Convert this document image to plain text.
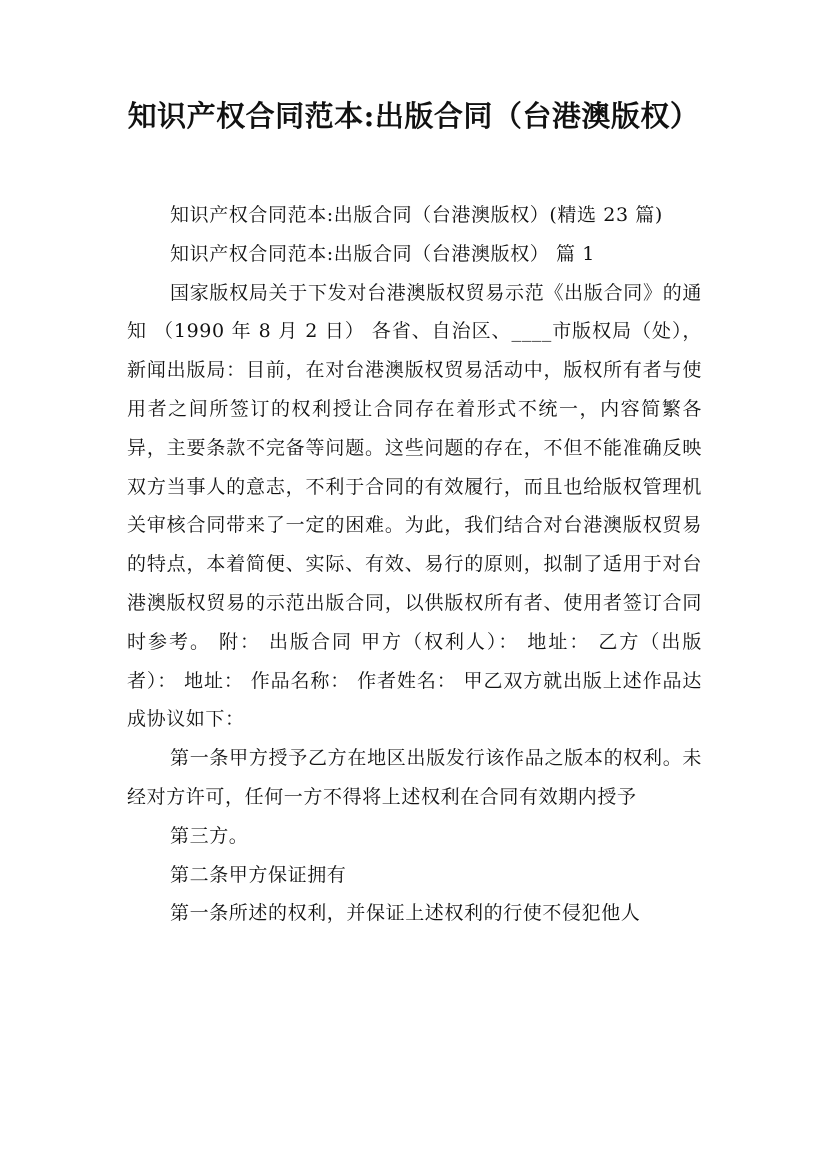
知识产权合同范本:出版合同（台港澳版权）

知识产权合同范本:出版合同（台港澳版权）(精选 23 篇)

知识产权合同范本:出版合同（台港澳版权） 篇 1

国家版权局关于下发对台港澳版权贸易示范《出版合同》的通知 （1990 年 8 月 2 日） 各省、自治区、____市版权局（处），新闻出版局：目前，在对台港澳版权贸易活动中，版权所有者与使用者之间所签订的权利授让合同存在着形式不统一，内容简繁各异，主要条款不完备等问题。这些问题的存在，不但不能准确反映双方当事人的意志，不利于合同的有效履行，而且也给版权管理机关审核合同带来了一定的困难。为此，我们结合对台港澳版权贸易的特点，本着简便、实际、有效、易行的原则，拟制了适用于对台港澳版权贸易的示范出版合同，以供版权所有者、使用者签订合同时参考。 附： 出版合同 甲方（权利人）： 地址： 乙方（出版者）： 地址： 作品名称： 作者姓名： 甲乙双方就出版上述作品达成协议如下：

第一条甲方授予乙方在地区出版发行该作品之版本的权利。未经对方许可，任何一方不得将上述权利在合同有效期内授予

第三方。

第二条甲方保证拥有

第一条所述的权利，并保证上述权利的行使不侵犯他人
